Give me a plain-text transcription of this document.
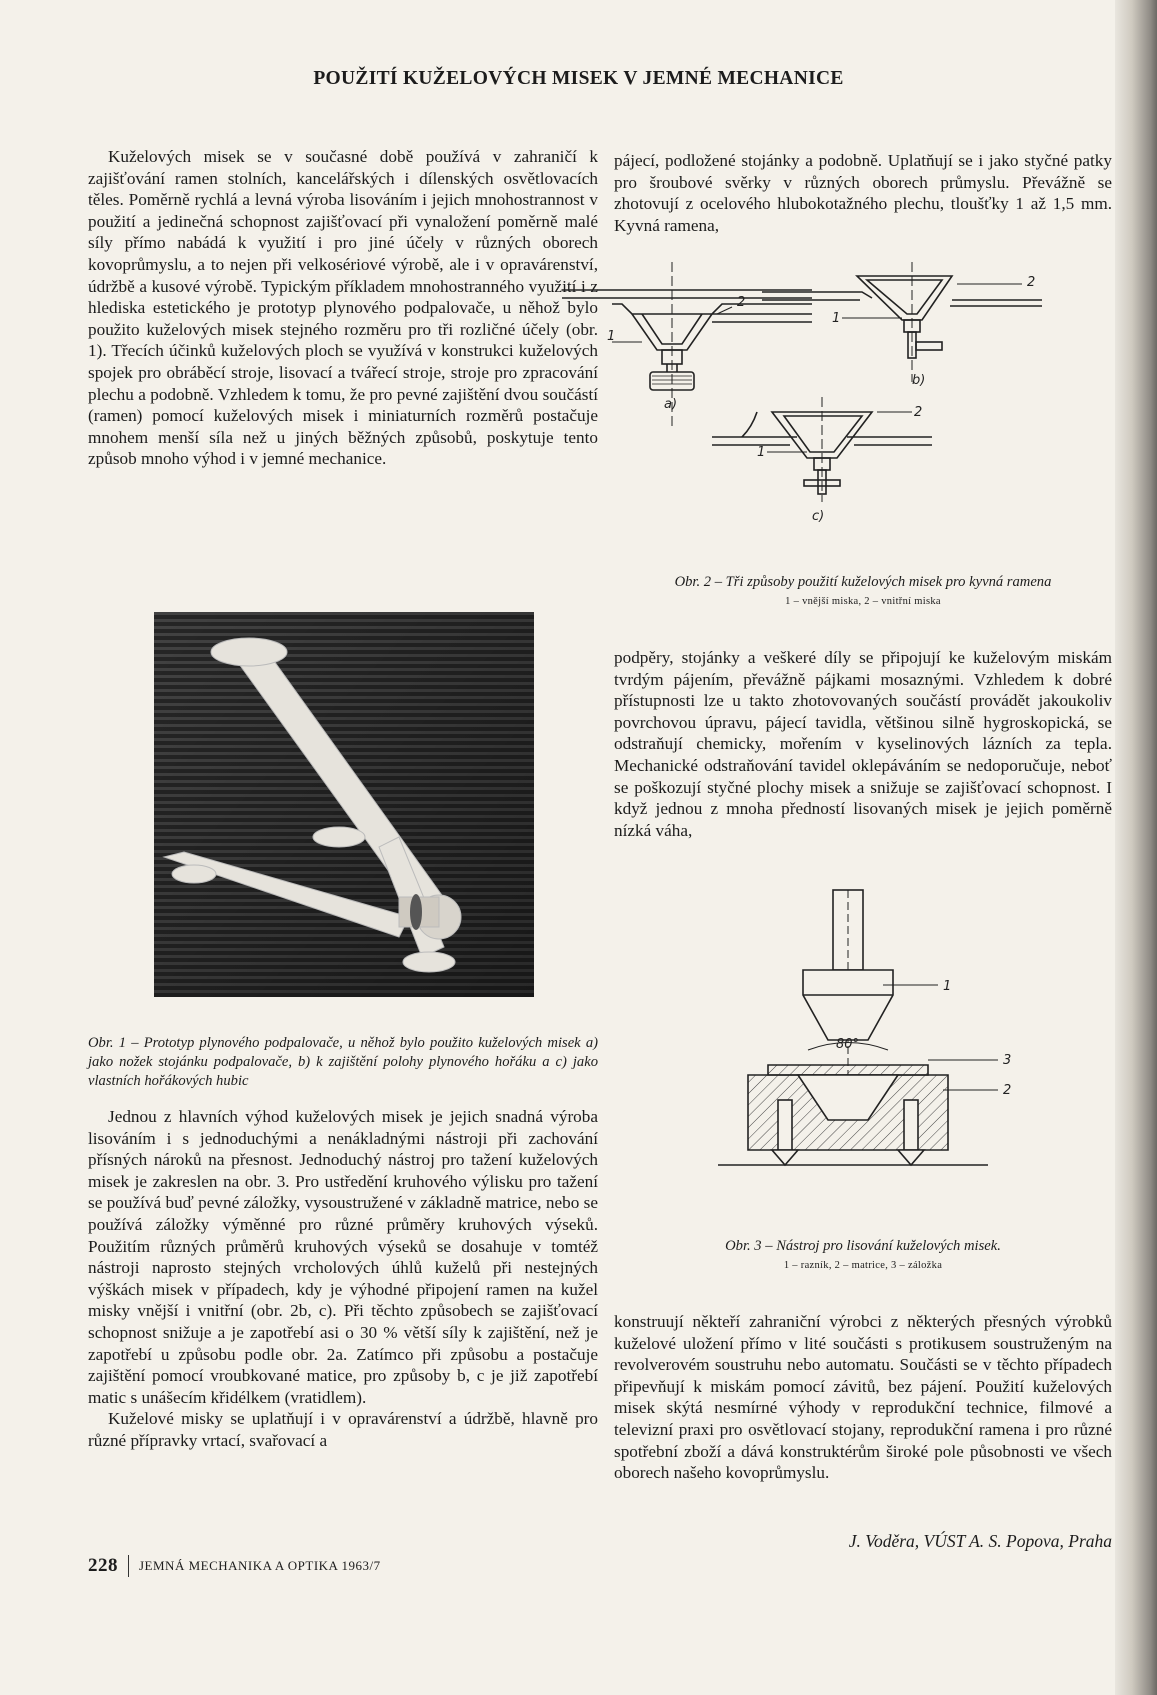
POUŽITÍ KUŽELOVÝCH MISEK V JEMNÉ MECHANICE

Kuželových misek se v současné době používá v zahraničí k zajišťování ramen stolních, kancelářských i dílenských osvětlovacích těles. Poměrně rychlá a levná výroba lisováním i jejich mnohostrannost v použití a jedinečná schopnost zajišťovací při vynaložení poměrně malé síly přímo nabádá k využití i pro jiné účely v různých oborech kovoprůmyslu, a to nejen při velkosériové výrobě, ale i v opravárenství, údržbě a kusové výrobě. Typickým příkladem mnohostranného využití i z hlediska estetického je prototyp plynového podpalovače, u něhož bylo použito kuželových misek stejného rozměru pro tři rozličné účely (obr. 1). Třecích účinků kuželových ploch se využívá v konstrukci kuželových spojek pro obráběcí stroje, lisovací a tvářecí stroje, stroje pro zpracování plechu a podobně. Vzhledem k tomu, že pro pevné zajištění dvou součástí (ramen) pomocí kuželových misek i miniaturních rozměrů postačuje mnohem menší síla než u jiných běžných způsobů, poskytuje tento způsob mnoho výhod i v jemné mechanice.

pájecí, podložené stojánky a podobně. Uplatňují se i jako styčné patky pro šroubové svěrky v různých oborech průmyslu. Převážně se zhotovují z ocelového hlubokotažného plechu, tloušťky 1 až 1,5 mm. Kyvná ramena,

2
1
a)
2
1
b)
2
1
c)
Obr. 2 – Tři způsoby použití kuželových misek pro kyvná ramena
1 – vnější miska, 2 – vnitřní miska
Obr. 1 – Prototyp plynového podpalovače, u něhož bylo použito kuželových misek a) jako nožek stojánku podpalovače, b) k zajištění polohy plynového hořáku a c) jako vlastních hořákových hubic

podpěry, stojánky a veškeré díly se připojují ke kuželovým miskám tvrdým pájením, převážně pájkami mosaznými. Vzhledem k dobré přístupnosti lze u takto zhotovovaných součástí provádět jakoukoliv povrchovou úpravu, pájecí tavidla, většinou silně hygroskopická, se odstraňují chemicky, mořením v kyselinových lázních za tepla. Mechanické odstraňování tavidel oklepáváním se nedoporučuje, neboť se poškozují styčné plochy misek a snižuje se zajišťovací schopnost. I když jednou z mnoha předností lisovaných misek je jejich poměrně nízká váha,

1
3
2
80°
Obr. 3 – Nástroj pro lisování kuželových misek.
1 – razník, 2 – matrice, 3 – záložka

Jednou z hlavních výhod kuželových misek je jejich snadná výroba lisováním i s jednoduchými a nenákladnými nástroji při zachování přísných nároků na přesnost. Jednoduchý nástroj pro tažení kuželových misek je zakreslen na obr. 3. Pro ustředění kruhového výlisku pro tažení se používá buď pevné záložky, vysoustružené v základně matrice, nebo se používá záložky výměnné pro různé průměry kruhových výseků. Použitím různých průměrů kruhových výseků se dosahuje v tomtéž nástroji naprosto stejných vrcholových úhlů kuželů při nestejných výškách misek v případech, kdy je výhodné připojení ramen na kužel misky vnější i vnitřní (obr. 2b, c). Při těchto způsobech se zajišťovací schopnost snižuje a je zapotřebí asi o 30 % větší síly k zajištění, než je zapotřebí u způsobu podle obr. 2a. Zatímco při způsobu a postačuje zajištění pomocí vroubkované matice, pro způsoby b, c je již zapotřebí matic s unášecím křidélkem (vratidlem).

Kuželové misky se uplatňují i v opravárenství a údržbě, hlavně pro různé přípravky vrtací, svařovací a

konstruují někteří zahraniční výrobci z některých přesných výrobků kuželové uložení přímo v lité součásti s protikusem soustruženým na revolverovém soustruhu nebo automatu. Součásti se v těchto případech připevňují k miskám pomocí závitů, bez pájení. Použití kuželových misek skýtá nesmírné výhody v reprodukční technice, filmové a televizní praxi pro osvětlovací stojany, reprodukční ramena i pro různé spotřební zboží a dává konstruktérům široké pole působnosti ve všech oborech našeho kovoprůmyslu.

J. Voděra, VÚST A. S. Popova, Praha
228 JEMNÁ MECHANIKA A OPTIKA 1963/7
